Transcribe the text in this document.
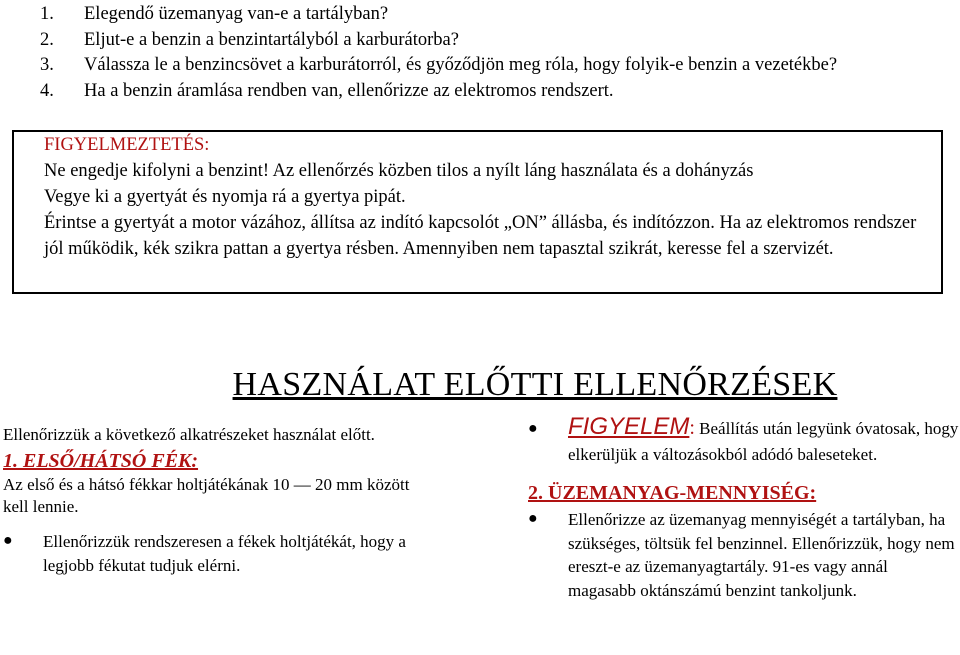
1.	Elegendő üzemanyag van-e a tartályban?
2.	Eljut-e a benzin a benzintartályból a karburátorba?
3.	Válassza le a benzincsövet a karburátorról, és győződjön meg róla, hogy folyik-e benzin a vezetékbe?
4.	Ha a benzin áramlása rendben van, ellenőrizze az elektromos rendszert.

FIGYELMEZTETÉS:

Ne engedje kifolyni a benzint! Az ellenőrzés közben tilos a nyílt láng használata és a dohányzás

Vegye ki a gyertyát és nyomja rá a gyertya pipát.

Érintse a gyertyát a motor vázához, állítsa az indító kapcsolót „ON” állásba, és indítózzon. Ha az elektromos rendszer jól működik, kék szikra pattan a gyertya résben. Amennyiben nem tapasztal szikrát, keresse fel a szervizét.

HASZNÁLAT ELŐTTI ELLENŐRZÉSEK

Ellenőrizzük a következő alkatrészeket használat előtt.

1. ELSŐ/HÁTSÓ FÉK:

Az első és a hátsó fékkar holtjátékának 10 — 20 mm között kell lennie.

●	Ellenőrizzük rendszeresen a fékek holtjátékát, hogy a legjobb fékutat tudjuk elérni.
●	FIGYELEM: Beállítás után legyünk óvatosak, hogy elkerüljük a változásokból adódó baleseteket.

2. ÜZEMANYAG-MENNYISÉG:

●	Ellenőrizze az üzemanyag mennyiségét a tartályban, ha szükséges, töltsük fel benzinnel. Ellenőrizzük, hogy nem ereszt-e az üzemanyagtartály. 91-es vagy annál magasabb oktánszámú benzint tankoljunk.
